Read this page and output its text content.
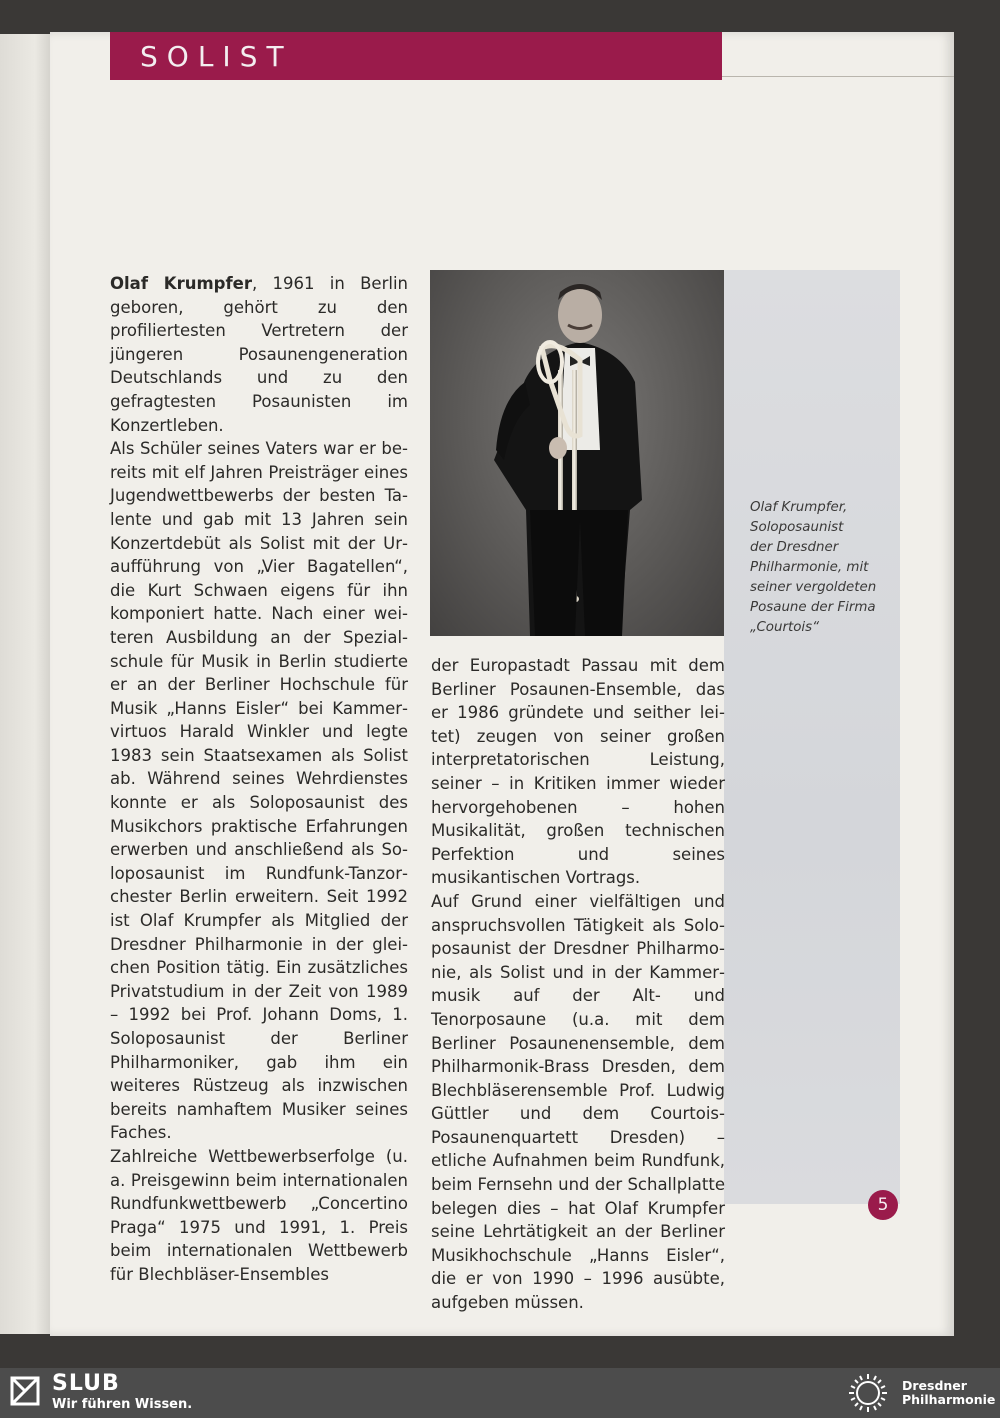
SOLIST

Olaf Krumpfer, 1961 in Berlin geboren, gehört zu den profiliertesten Vertretern der jüngeren Posaunengeneration Deutschlands und zu den gefragtesten Posaunisten im Konzertleben.

Als Schüler seines Vaters war er bereits mit elf Jahren Preisträger eines Jugendwettbewerbs der besten Talente und gab mit 13 Jahren sein Konzertdebüt als Solist mit der Uraufführung von „Vier Bagatellen“, die Kurt Schwaen eigens für ihn komponiert hatte. Nach einer weiteren Ausbildung an der Spezialschule für Musik in Berlin studierte er an der Berliner Hochschule für Musik „Hanns Eisler“ bei Kammervirtuos Harald Winkler und legte 1983 sein Staatsexamen als Solist ab. Während seines Wehrdienstes konnte er als Soloposaunist des Musikchors praktische Erfahrungen erwerben und anschließend als Soloposaunist im Rundfunk-Tanzorchester Berlin erweitern. Seit 1992 ist Olaf Krumpfer als Mitglied der Dresdner Philharmonie in der gleichen Position tätig. Ein zusätzliches Privatstudium in der Zeit von 1989 – 1992 bei Prof. Johann Doms, 1. Soloposaunist der Berliner Philharmoniker, gab ihm ein weiteres Rüstzeug als inzwischen bereits namhaftem Musiker seines Faches.

Zahlreiche Wettbewerbserfolge (u. a. Preisgewinn beim internationalen Rundfunkwettbewerb „Concertino Praga“ 1975 und 1991, 1. Preis beim internationalen Wettbewerb für Blechbläser-Ensembles

Olaf Krumpfer,
Soloposaunist
der Dresdner
Philharmonie, mit
seiner vergoldeten
Posaune der Firma
„Courtois“

der Europastadt Passau mit dem Berliner Posaunen-Ensemble, das er 1986 gründete und seither leitet) zeugen von seiner großen interpretatorischen Leistung, seiner – in Kritiken immer wieder hervorgehobenen – hohen Musikalität, großen technischen Perfektion und seines musikantischen Vortrags.

Auf Grund einer vielfältigen und anspruchsvollen Tätigkeit als Soloposaunist der Dresdner Philharmonie, als Solist und in der Kammermusik auf der Alt- und Tenorposaune (u.a. mit dem Berliner Posaunenensemble, dem Philharmonik-Brass Dresden, dem Blechbläserensemble Prof. Ludwig Güttler und dem Courtois-Posaunenquartett Dresden) – etliche Aufnahmen beim Rundfunk, beim Fernsehn und der Schallplatte belegen dies – hat Olaf Krumpfer seine Lehrtätigkeit an der Berliner Musikhochschule „Hanns Eisler“, die er von 1990 – 1996 ausübte, aufgeben müssen.

5
SLUB
Wir führen Wissen.
Dresdner
Philharmonie
